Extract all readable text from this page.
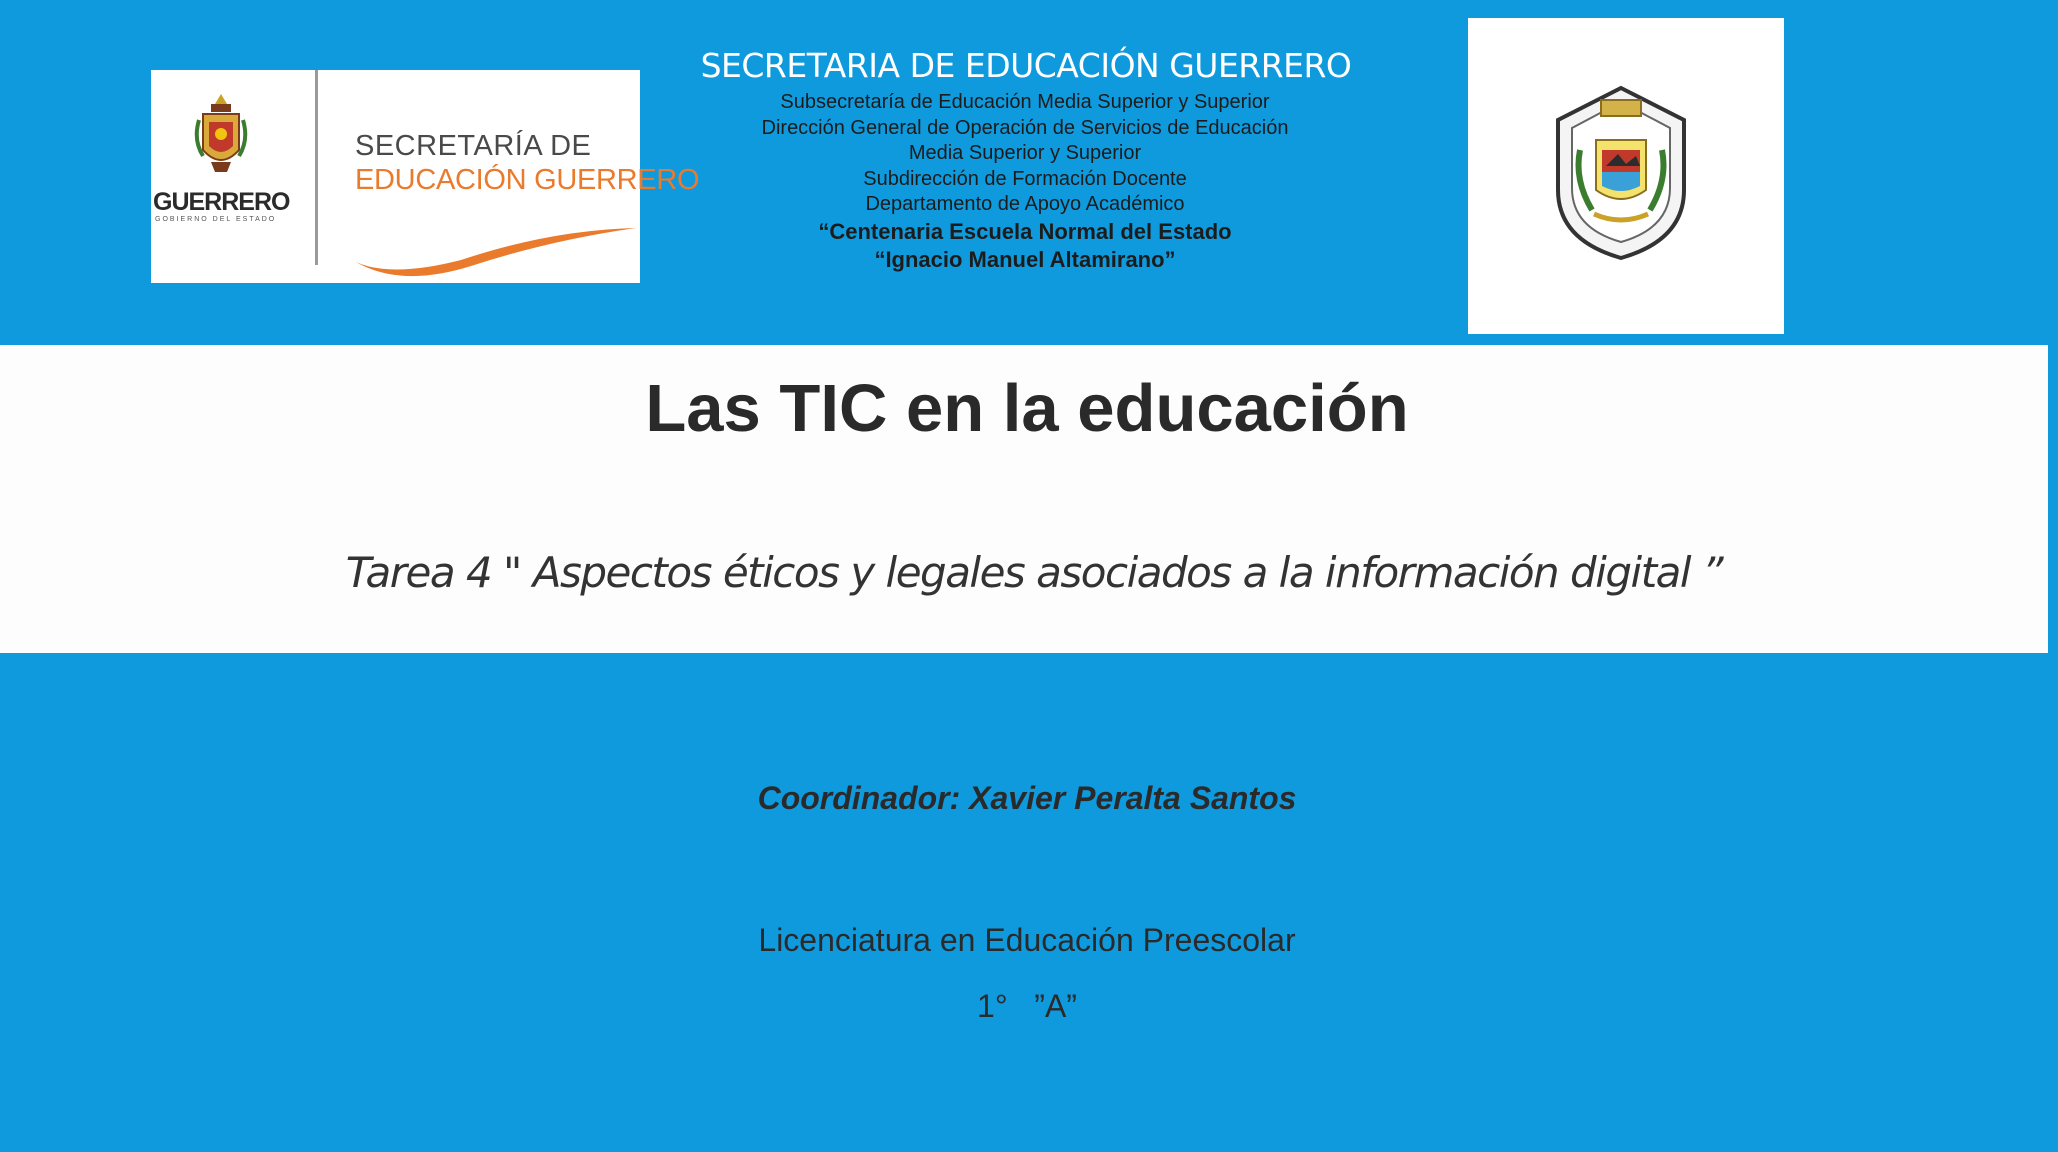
GUERRERO
GOBIERNO DEL ESTADO
SECRETARÍA DE
EDUCACIÓN GUERRERO
SECRETARIA DE EDUCACIÓN GUERRERO
Subsecretaría de Educación Media Superior y Superior
Dirección General de Operación de Servicios de Educación
Media Superior y Superior
Subdirección de Formación Docente
Departamento de Apoyo Académico
“Centenaria Escuela Normal del Estado
“Ignacio Manuel Altamirano”
Las TIC en la educación
Tarea 4 " Aspectos éticos y legales asociados a la información digital ”
Coordinador: Xavier Peralta Santos
Licenciatura en Educación Preescolar
1°   ”A”
